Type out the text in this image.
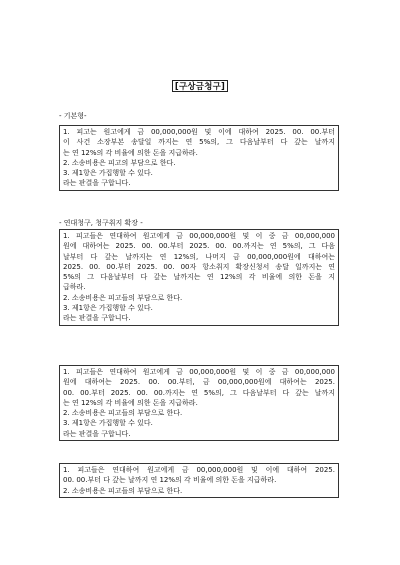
[구상금청구]
- 기본형-
1. 피고는 원고에게 금 00,000,000원 및 이에 대하여 2025. 00. 00.부터
이 사건 소장부본 송달일 까지는 연 5%의, 그 다음날부터 다 갚는 날까지
는 연 12%의 각 비율에 의한 돈을 지급하라.
2. 소송비용은 피고의 부담으로 한다.
3. 제1항은 가집행할 수 있다.
라는 판결을 구합니다.
- 연대청구, 청구취지 확장 -
1. 피고들은 연대하여 원고에게 금 00,000,000원 및 이 중 금 00,000,000
원에 대하여는 2025. 00. 00.부터 2025. 00. 00.까지는 연 5%의, 그 다음
날부터 다 갚는 날까지는 연 12%의, 나머지 금 00,000,000원에 대하여는
2025. 00. 00.부터 2025. 00. 00자 항소취지 확장신청서 송달 일까지는 연
5%의 그 다음날부터 다 갚는 날까지는 연 12%의 각 비율에 의한 돈을 지
급하라.
2. 소송비용은 피고들의 부담으로 한다.
3. 제1항은 가집행할 수 있다.
라는 판결을 구합니다.
1. 피고들은 연대하여 원고에게 금 00,000,000원 및 이 중 금 00,000,000
원에 대하여는 2025. 00. 00.부터, 금 00,000,000원에 대하여는 2025.
00. 00.부터 2025. 00. 00.까지는 연 5%의, 그 다음날부터 다 갚는 날까지
는 연 12%의 각 비율에 의한 돈을 지급하라.
2. 소송비용은 피고들의 부담으로 한다.
3. 제1항은 가집행할 수 있다.
라는 판결을 구합니다.
1. 피고들은 연대하여 원고에게 금 00,000,000원 및 이에 대하여 2025.
00. 00.부터 다 갚는 날까지 연 12%의 각 비율에 의한 돈을 지급하라.
2. 소송비용은 피고들의 부담으로 한다.
